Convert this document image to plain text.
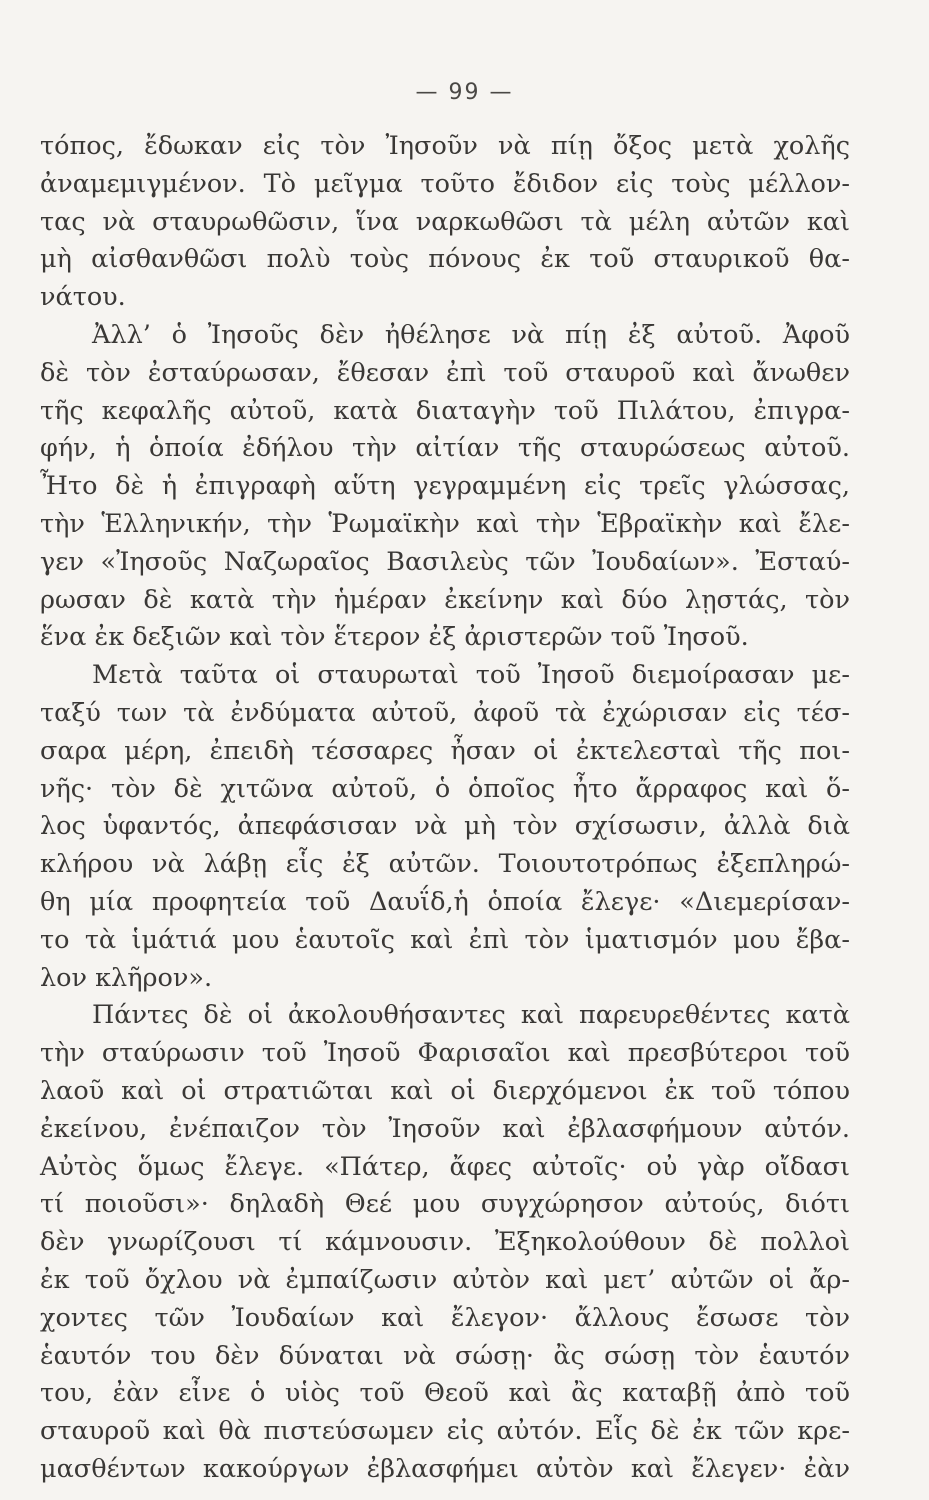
— 99 —
τόπος, ἔδωκαν εἰς τὸν Ἰησοῦν νὰ πίῃ ὄξος μετὰ χολῆς
ἀναμεμιγμένον. Τὸ μεῖγμα τοῦτο ἔδιδον εἰς τοὺς μέλλον-
τας νὰ σταυρωθῶσιν, ἵνα ναρκωθῶσι τὰ μέλη αὐτῶν καὶ
μὴ αἰσθανθῶσι πολὺ τοὺς πόνους ἐκ τοῦ σταυρικοῦ θα-
νάτου.
Ἀλλ’ ὁ Ἰησοῦς δὲν ἠθέλησε νὰ πίῃ ἐξ αὐτοῦ. Ἀφοῦ
δὲ τὸν ἐσταύρωσαν, ἔθεσαν ἐπὶ τοῦ σταυροῦ καὶ ἄνωθεν
τῆς κεφαλῆς αὐτοῦ, κατὰ διαταγὴν τοῦ Πιλάτου, ἐπιγρα-
φήν, ἡ ὁποία ἐδήλου τὴν αἰτίαν τῆς σταυρώσεως αὐτοῦ.
Ἦτο δὲ ἡ ἐπιγραφὴ αὕτη γεγραμμένη εἰς τρεῖς γλώσσας,
τὴν Ἑλληνικήν, τὴν Ῥωμαϊκὴν καὶ τὴν Ἑβραϊκὴν καὶ ἔλε-
γεν «Ἰησοῦς Ναζωραῖος Βασιλεὺς τῶν Ἰουδαίων». Ἐσταύ-
ρωσαν δὲ κατὰ τὴν ἡμέραν ἐκείνην καὶ δύο λῃστάς, τὸν
ἕνα ἐκ δεξιῶν καὶ τὸν ἕτερον ἐξ ἀριστερῶν τοῦ Ἰησοῦ.
Μετὰ ταῦτα οἱ σταυρωταὶ τοῦ Ἰησοῦ διεμοίρασαν με-
ταξύ των τὰ ἐνδύματα αὐτοῦ, ἀφοῦ τὰ ἐχώρισαν εἰς τέσ-
σαρα μέρη, ἐπειδὴ τέσσαρες ἦσαν οἱ ἐκτελεσταὶ τῆς ποι-
νῆς· τὸν δὲ χιτῶνα αὐτοῦ, ὁ ὁποῖος ἦτο ἄρραφος καὶ ὅ-
λος ὑφαντός, ἀπεφάσισαν νὰ μὴ τὸν σχίσωσιν, ἀλλὰ διὰ
κλήρου νὰ λάβῃ εἷς ἐξ αὐτῶν. Τοιουτοτρόπως ἐξεπληρώ-
θη μία προφητεία τοῦ Δαυΐδ,ἡ ὁποία ἔλεγε· «Διεμερίσαν-
το τὰ ἱμάτιά μου ἑαυτοῖς καὶ ἐπὶ τὸν ἱματισμόν μου ἔβα-
λον κλῆρον».
Πάντες δὲ οἱ ἀκολουθήσαντες καὶ παρευρεθέντες κατὰ
τὴν σταύρωσιν τοῦ Ἰησοῦ Φαρισαῖοι καὶ πρεσβύτεροι τοῦ
λαοῦ καὶ οἱ στρατιῶται καὶ οἱ διερχόμενοι ἐκ τοῦ τόπου
ἐκείνου, ἐνέπαιζον τὸν Ἰησοῦν καὶ ἐβλασφήμουν αὐτόν.
Αὐτὸς ὅμως ἔλεγε. «Πάτερ, ἄφες αὐτοῖς· οὐ γὰρ οἴδασι
τί ποιοῦσι»· δηλαδὴ Θεέ μου συγχώρησον αὐτούς, διότι
δὲν γνωρίζουσι τί κάμνουσιν. Ἐξηκολούθουν δὲ πολλοὶ
ἐκ τοῦ ὄχλου νὰ ἐμπαίζωσιν αὐτὸν καὶ μετ’ αὐτῶν οἱ ἄρ-
χοντες τῶν Ἰουδαίων καὶ ἔλεγον· ἄλλους ἔσωσε τὸν
ἑαυτόν του δὲν δύναται νὰ σώσῃ· ἂς σώσῃ τὸν ἑαυτόν
του, ἐὰν εἶνε ὁ υἱὸς τοῦ Θεοῦ καὶ ἂς καταβῇ ἀπὸ τοῦ
σταυροῦ καὶ θὰ πιστεύσωμεν εἰς αὐτόν. Εἷς δὲ ἐκ τῶν κρε-
μασθέντων κακούργων ἐβλασφήμει αὐτὸν καὶ ἔλεγεν· ἐὰν
